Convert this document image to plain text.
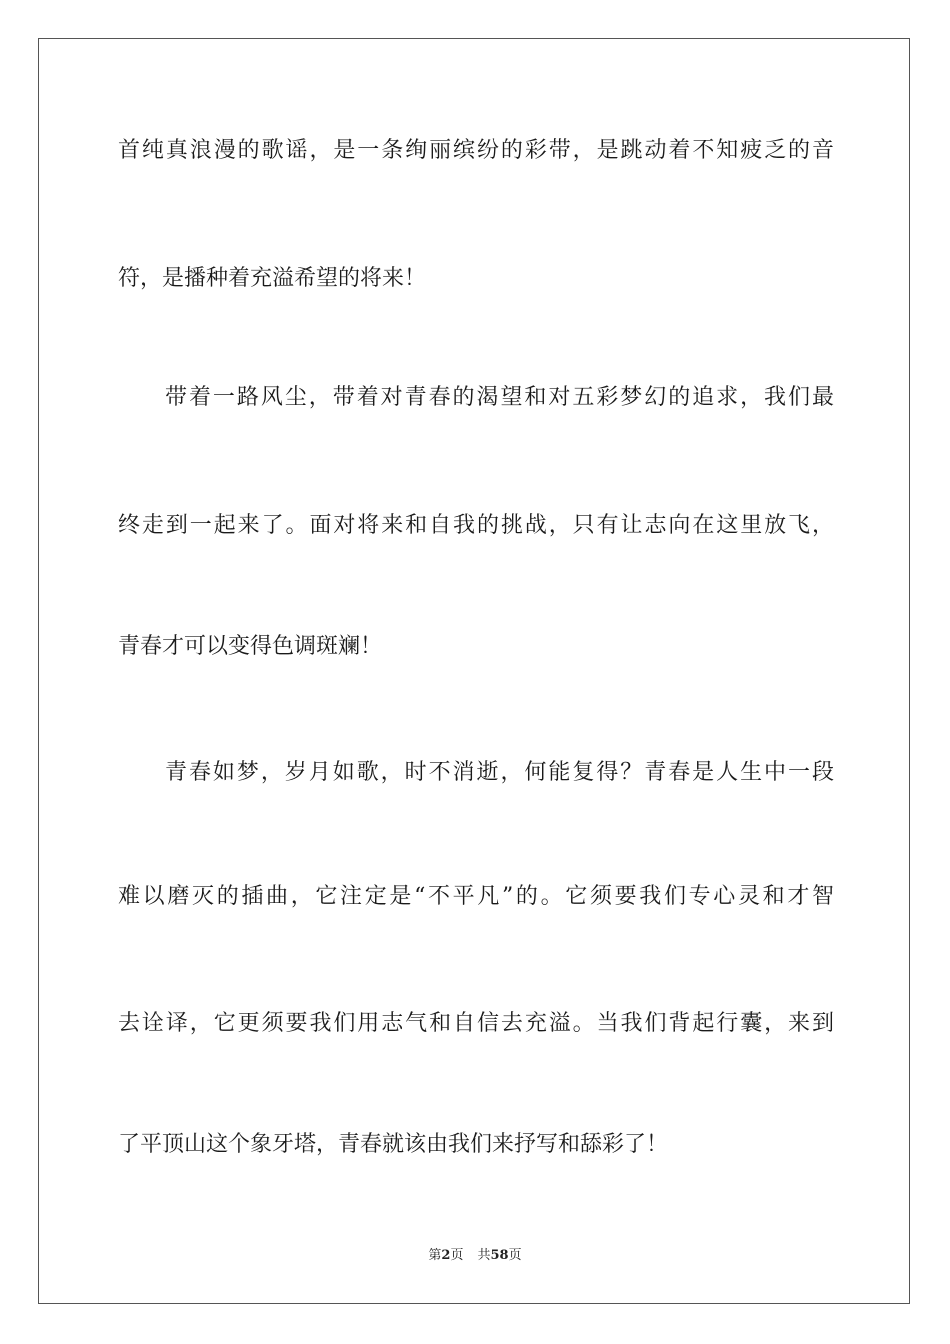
首纯真浪漫的歌谣，是一条绚丽缤纷的彩带，是跳动着不知疲乏的音
符，是播种着充溢希望的将来！
带着一路风尘，带着对青春的渴望和对五彩梦幻的追求，我们最
终走到一起来了。面对将来和自我的挑战，只有让志向在这里放飞，
青春才可以变得色调斑斓！
青春如梦，岁月如歌，时不消逝，何能复得？青春是人生中一段
难以磨灭的插曲，它注定是“不平凡”的。它须要我们专心灵和才智
去诠译，它更须要我们用志气和自信去充溢。当我们背起行囊，来到
了平顶山这个象牙塔，青春就该由我们来抒写和舔彩了！
第2页 共58页
